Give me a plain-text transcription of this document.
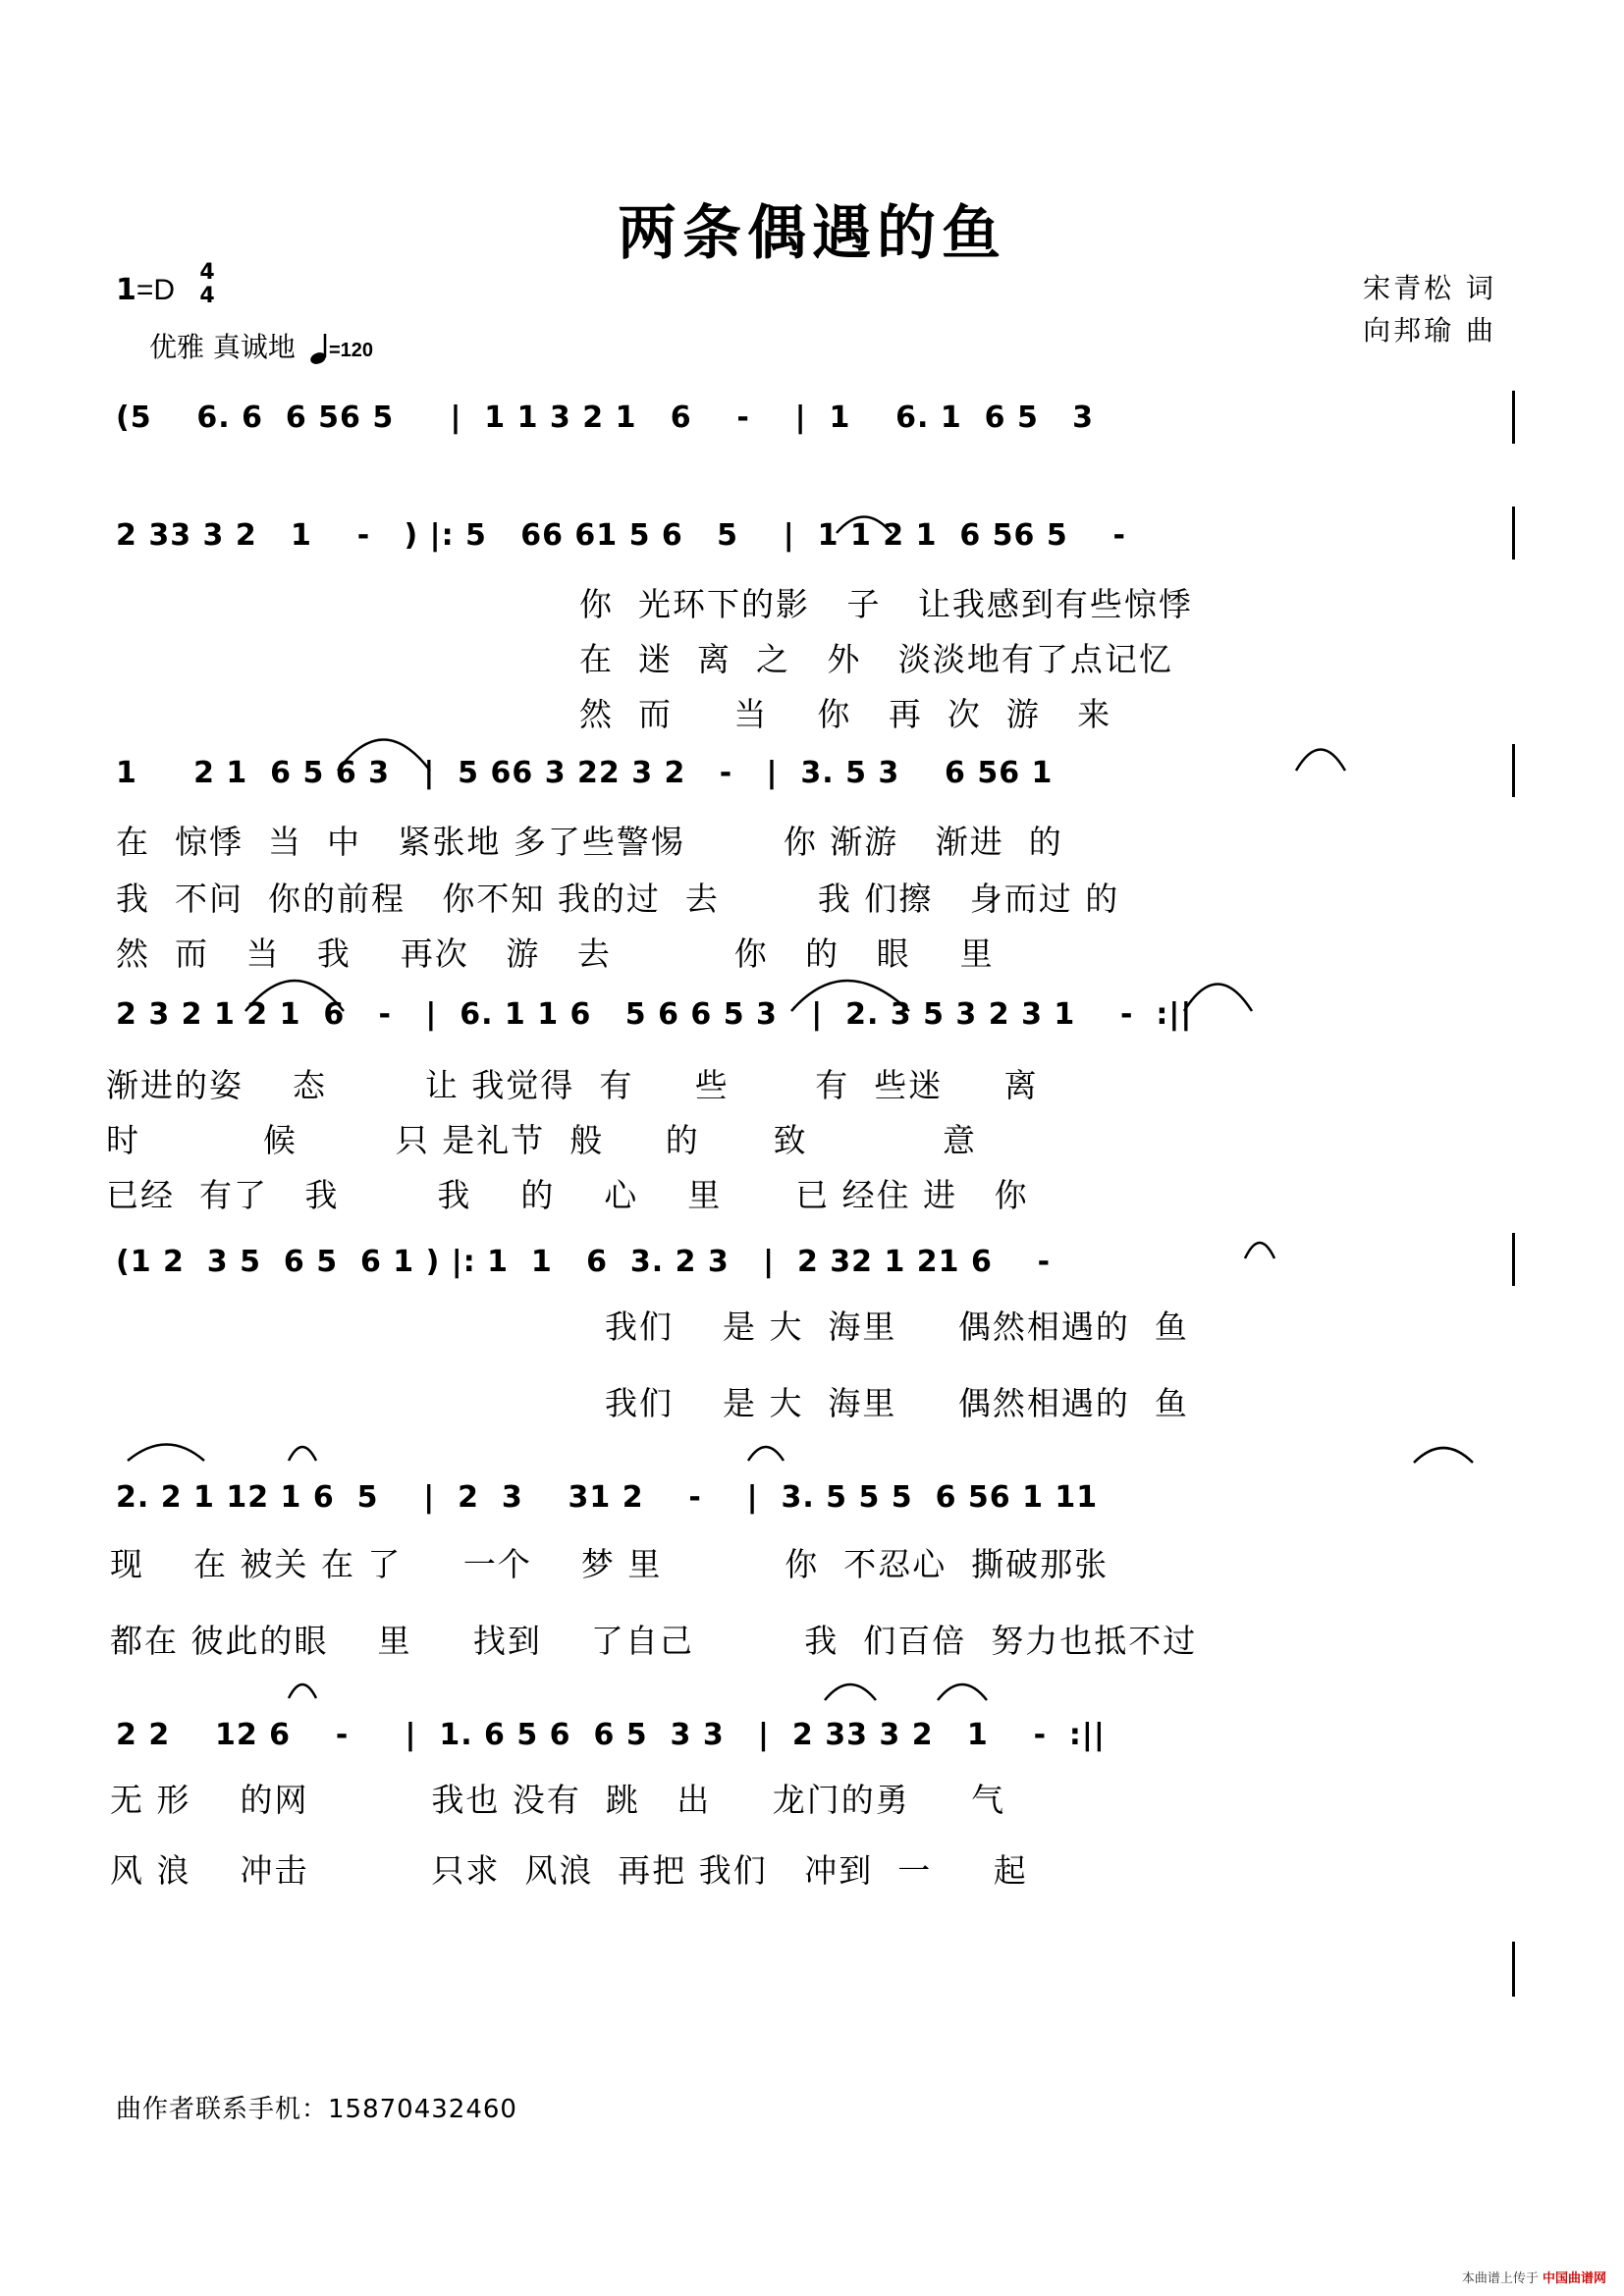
两条偶遇的鱼
1=D
4
4
优雅 真诚地 =120
宋青松 词
向邦瑜 曲
(5    6. 6  6 56 5     |  1 1 3 2 1   6    -    |  1    6. 1  6 5   3
2 33 3 2   1    -   ) |: 5   66 61 5 6   5    |  1 1 2 1  6 56 5    -
你  光环下的影   子   让我感到有些惊悸
在  迷  离  之   外   淡淡地有了点记忆
然  而     当    你   再  次  游   来
1     2 1  6 5 6 3   |  5 66 3 22 3 2   -   |  3. 5 3    6 56 1
在  惊悸  当  中   紧张地 多了些警惕        你 渐游   渐进  的
我  不问  你的前程   你不知 我的过  去        我 们擦   身而过 的
然  而   当   我    再次   游   去          你   的   眼    里
2 3 2 1 2 1  6   -   |  6. 1 1 6   5 6 6 5 3   |  2. 3 5 3 2 3 1    -  :||
渐进的姿    态        让 我觉得  有     些       有  些迷     离
时          候        只 是礼节  般     的      致           意
已经  有了   我        我    的    心    里      已 经住 进   你
(1 2  3 5  6 5  6 1 ) |: 1  1   6  3. 2 3   |  2 32 1 21 6    -
我们    是 大  海里     偶然相遇的  鱼
我们    是 大  海里     偶然相遇的  鱼
2. 2 1 12 1 6  5    |  2  3    31 2    -    |  3. 5 5 5  6 56 1 11
现    在 被关 在 了     一个    梦 里          你  不忍心  撕破那张
都在 彼此的眼    里     找到    了自己         我  们百倍  努力也抵不过
2 2    12 6    -     |  1. 6 5 6  6 5  3 3   |  2 33 3 2   1    -  :||
无 形    的网          我也 没有  跳   出     龙门的勇     气
风 浪    冲击          只求  风浪  再把 我们   冲到  一     起
曲作者联系手机：15870432460
本曲谱上传于 中国曲谱网
